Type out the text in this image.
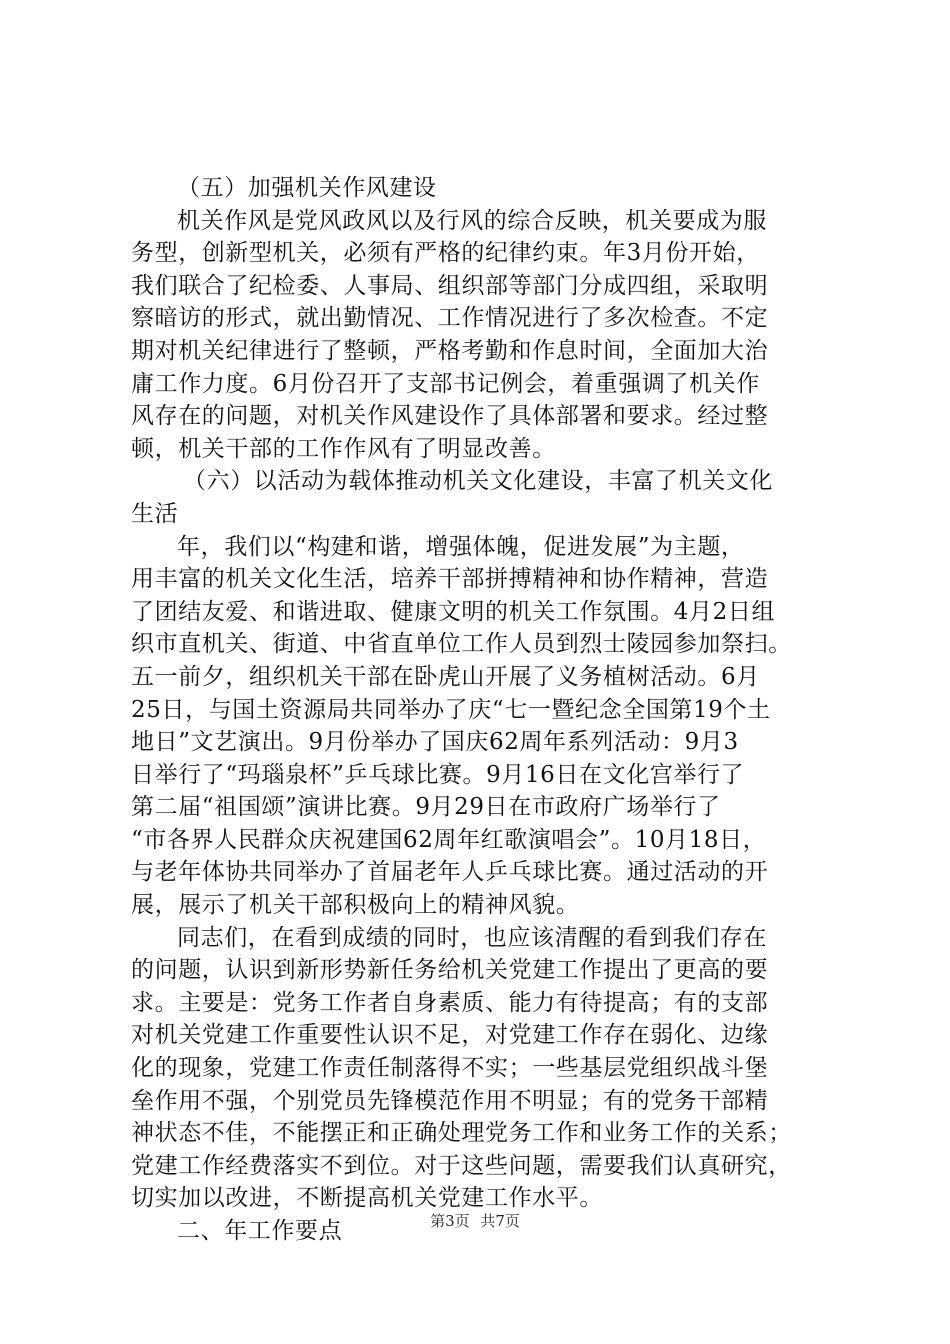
（五）加强机关作风建设
机关作风是党风政风以及行风的综合反映，机关要成为服
务型，创新型机关，必须有严格的纪律约束。年3月份开始，
我们联合了纪检委、人事局、组织部等部门分成四组，采取明
察暗访的形式，就出勤情况、工作情况进行了多次检查。不定
期对机关纪律进行了整顿，严格考勤和作息时间，全面加大治
庸工作力度。6月份召开了支部书记例会，着重强调了机关作
风存在的问题，对机关作风建设作了具体部署和要求。经过整
顿，机关干部的工作作风有了明显改善。
（六）以活动为载体推动机关文化建设，丰富了机关文化
生活
年，我们以“构建和谐，增强体魄，促进发展”为主题，
用丰富的机关文化生活，培养干部拼搏精神和协作精神，营造
了团结友爱、和谐进取、健康文明的机关工作氛围。4月2日组
织市直机关、街道、中省直单位工作人员到烈士陵园参加祭扫。
五一前夕，组织机关干部在卧虎山开展了义务植树活动。6月
25日，与国土资源局共同举办了庆“七一暨纪念全国第19个土
地日”文艺演出。9月份举办了国庆62周年系列活动：9月3
日举行了“玛瑙泉杯”乒乓球比赛。9月16日在文化宫举行了
第二届“祖国颂”演讲比赛。9月29日在市政府广场举行了
“市各界人民群众庆祝建国62周年红歌演唱会”。10月18日，
与老年体协共同举办了首届老年人乒乓球比赛。通过活动的开
展，展示了机关干部积极向上的精神风貌。
同志们，在看到成绩的同时，也应该清醒的看到我们存在
的问题，认识到新形势新任务给机关党建工作提出了更高的要
求。主要是：党务工作者自身素质、能力有待提高；有的支部
对机关党建工作重要性认识不足，对党建工作存在弱化、边缘
化的现象，党建工作责任制落得不实；一些基层党组织战斗堡
垒作用不强，个别党员先锋模范作用不明显；有的党务干部精
神状态不佳，不能摆正和正确处理党务工作和业务工作的关系；
党建工作经费落实不到位。对于这些问题，需要我们认真研究，
切实加以改进，不断提高机关党建工作水平。
二、年工作要点	第3页 共7页
